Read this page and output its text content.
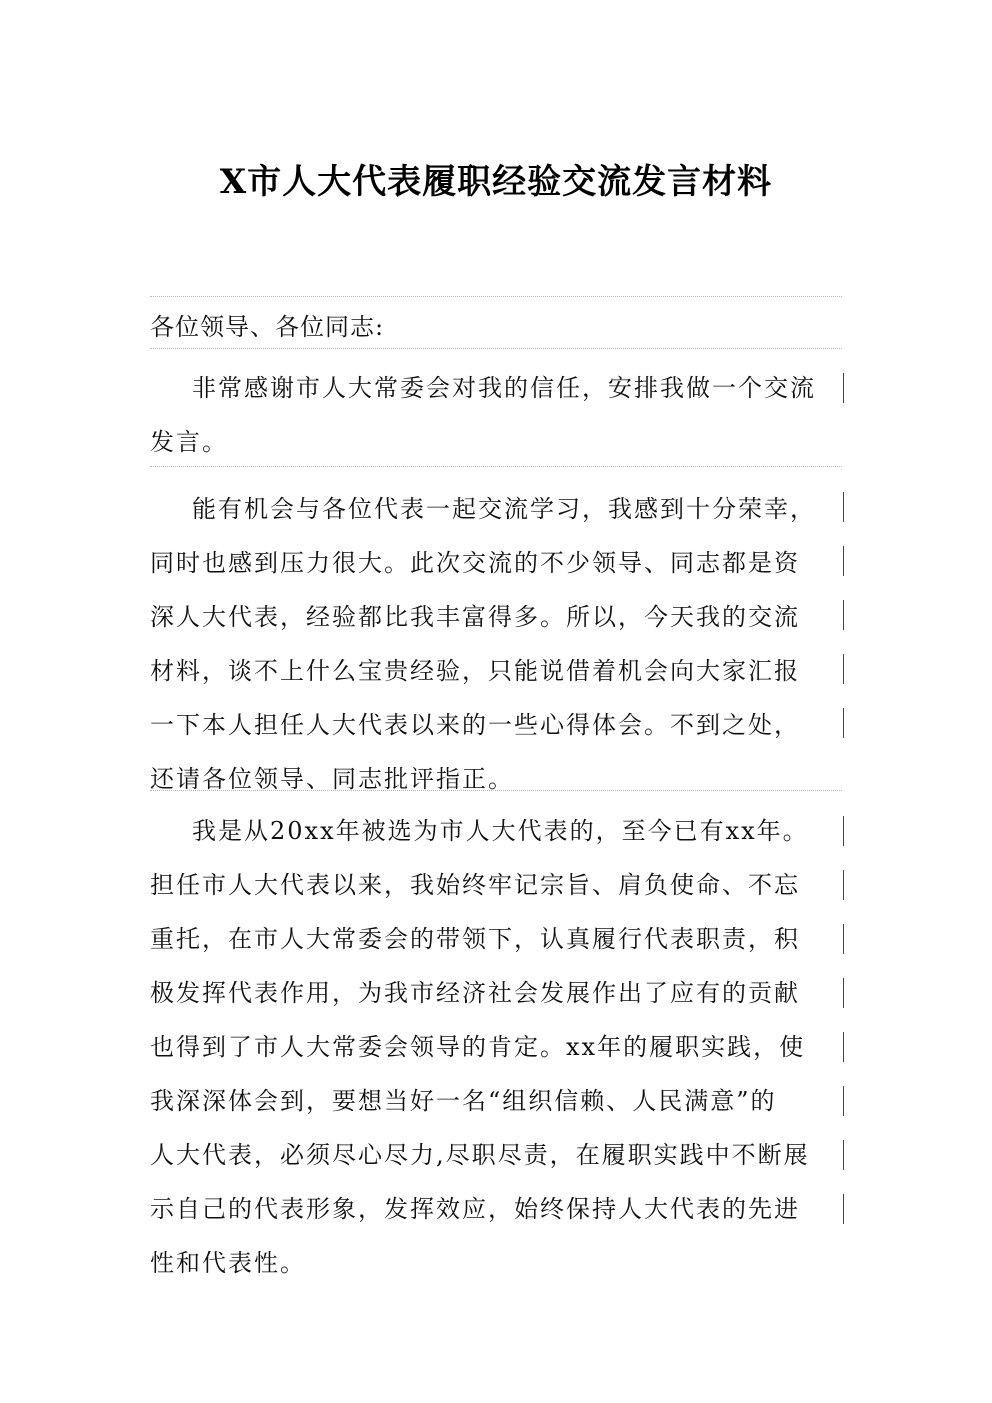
X市人大代表履职经验交流发言材料
各位领导、各位同志:
非常感谢市人大常委会对我的信任，安排我做一个交流
发言。
能有机会与各位代表一起交流学习，我感到十分荣幸，
同时也感到压力很大。此次交流的不少领导、同志都是资
深人大代表，经验都比我丰富得多。所以，今天我的交流
材料，谈不上什么宝贵经验，只能说借着机会向大家汇报
一下本人担任人大代表以来的一些心得体会。不到之处，
还请各位领导、同志批评指正。
我是从20xx年被选为市人大代表的，至今已有xx年。
担任市人大代表以来，我始终牢记宗旨、肩负使命、不忘
重托，在市人大常委会的带领下，认真履行代表职责，积
极发挥代表作用，为我市经济社会发展作出了应有的贡献
也得到了市人大常委会领导的肯定。xx年的履职实践，使
我深深体会到，要想当好一名“组织信赖、人民满意”的
人大代表，必须尽心尽力,尽职尽责，在履职实践中不断展
示自己的代表形象，发挥效应，始终保持人大代表的先进
性和代表性。
